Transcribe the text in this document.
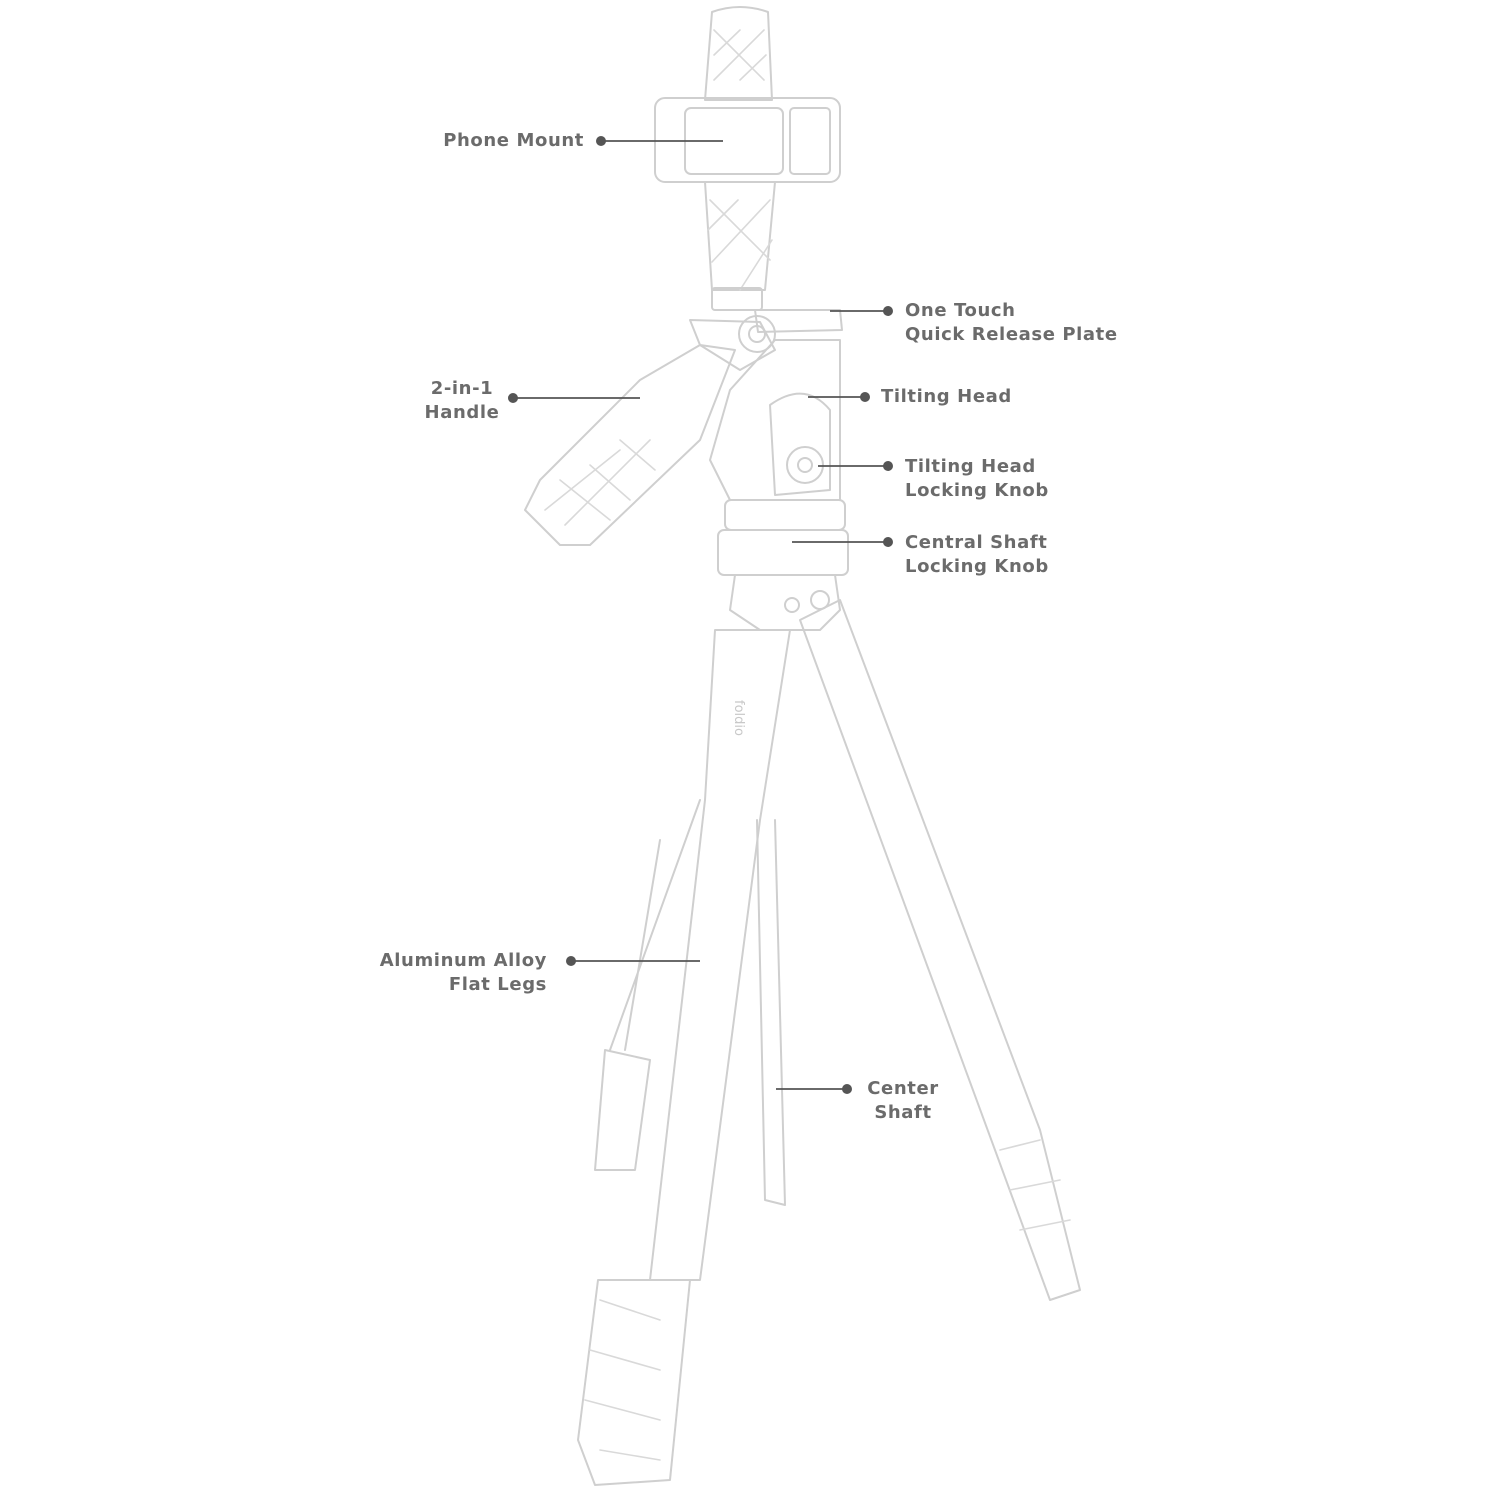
foldio
Phone Mount
One Touch
Quick Release Plate
2-in-1
Handle
Tilting Head
Tilting Head
Locking Knob
Central Shaft
Locking Knob
Aluminum Alloy
Flat Legs
Center
Shaft
